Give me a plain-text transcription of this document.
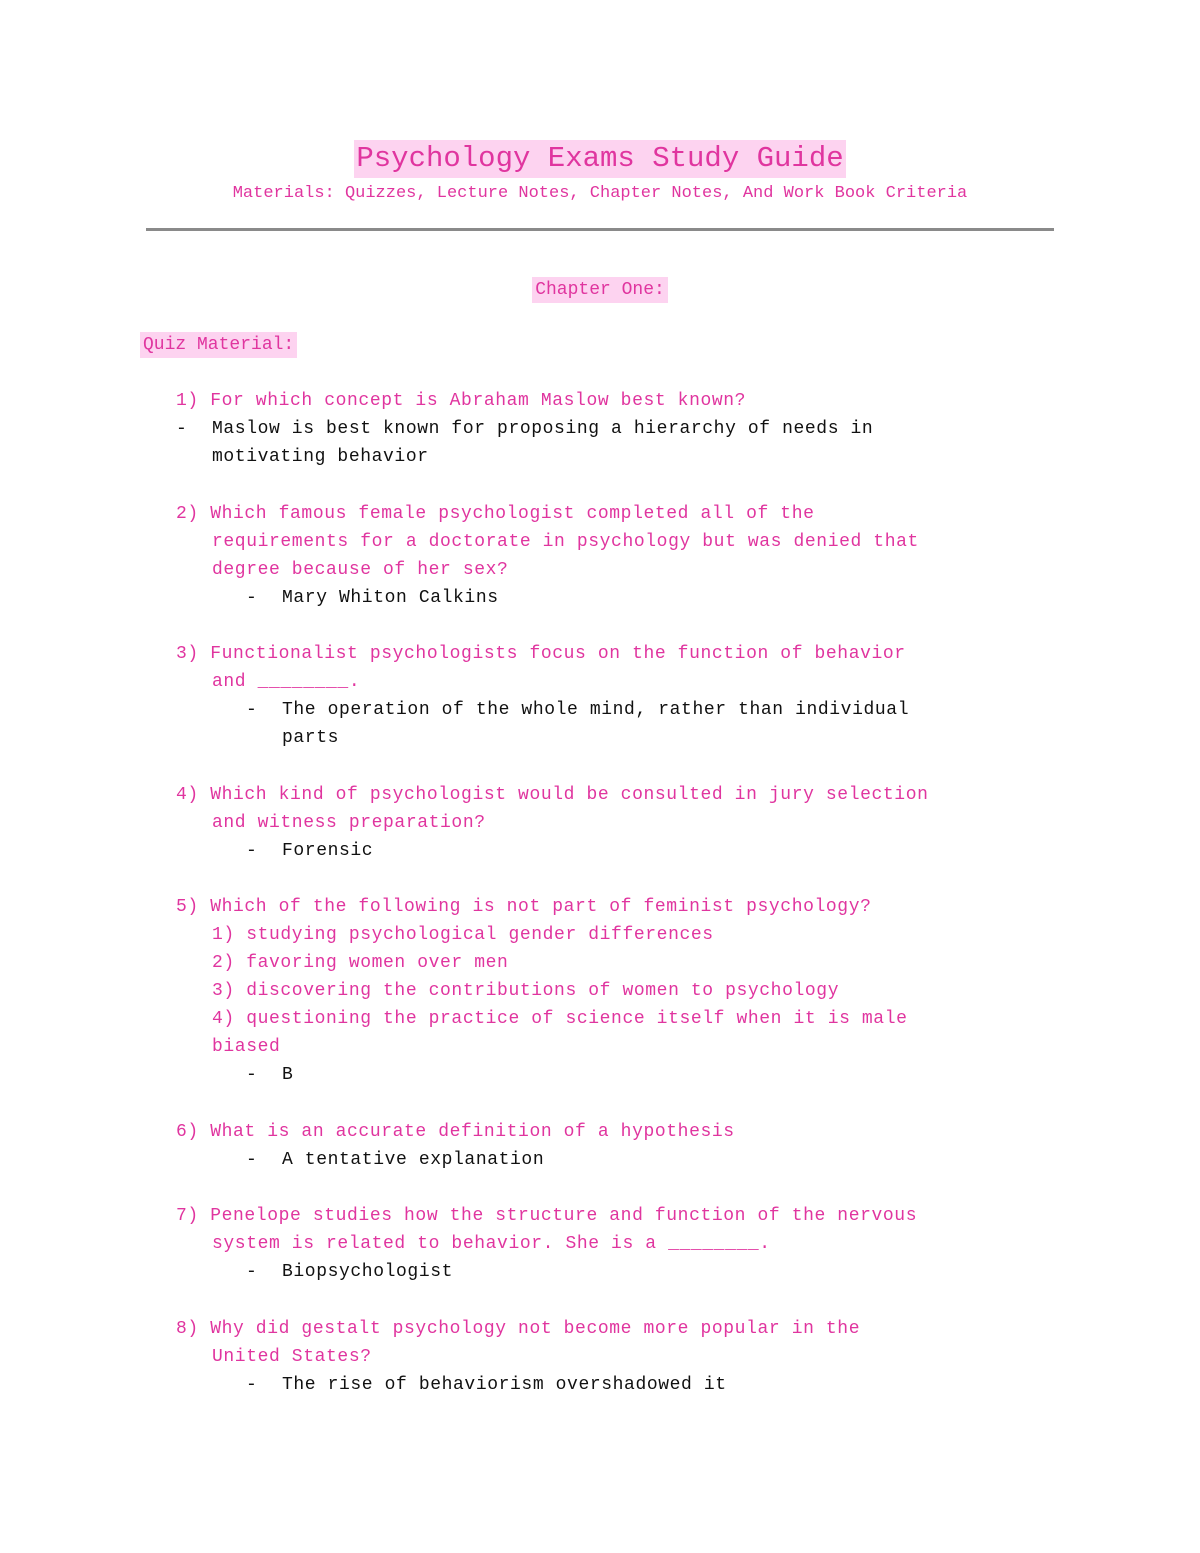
Psychology Exams Study Guide
Materials: Quizzes, Lecture Notes, Chapter Notes, And Work Book Criteria
Chapter One:
Quiz Material:
1) For which concept is Abraham Maslow best known?
- Maslow is best known for proposing a hierarchy of needs in
motivating behavior
2) Which famous female psychologist completed all of the
requirements for a doctorate in psychology but was denied that
degree because of her sex?
- Mary Whiton Calkins
3) Functionalist psychologists focus on the function of behavior
and ________.
- The operation of the whole mind, rather than individual
parts
4) Which kind of psychologist would be consulted in jury selection
and witness preparation?
- Forensic
5) Which of the following is not part of feminist psychology?
1) studying psychological gender differences
2) favoring women over men
3) discovering the contributions of women to psychology
4) questioning the practice of science itself when it is male
biased
- B
6) What is an accurate definition of a hypothesis
- A tentative explanation
7) Penelope studies how the structure and function of the nervous
system is related to behavior. She is a ________.
- Biopsychologist
8) Why did gestalt psychology not become more popular in the
United States?
- The rise of behaviorism overshadowed it
